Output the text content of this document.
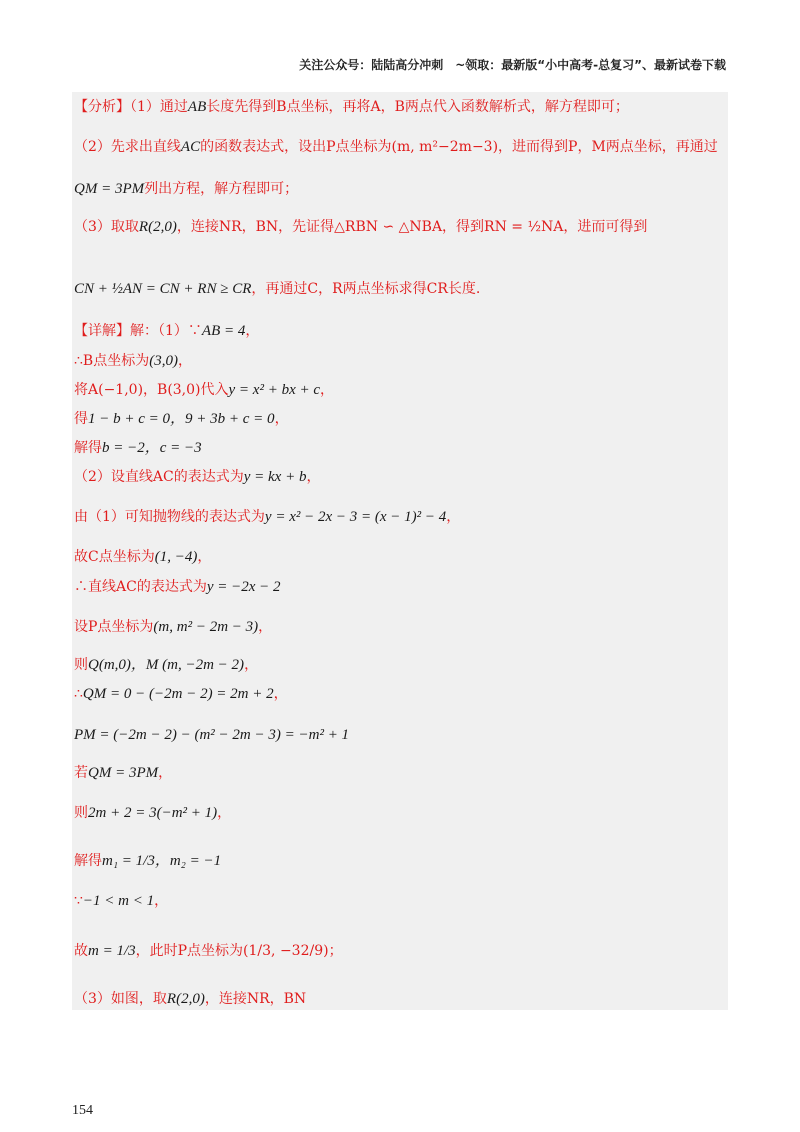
关注公众号：陆陆高分冲刺　~领取：最新版“小中高考-总复习”、最新试卷下载
【分析】（1）通过AB长度先得到B点坐标，再将A，B两点代入函数解析式，解方程即可；
（2）先求出直线AC的函数表达式，设出P点坐标为(m, m²−2m−3)，进而得到P，M两点坐标，再通过
QM = 3PM列出方程，解方程即可；
（3）取取R(2,0)，连接NR，BN，先证得△RBN ∽ △NBA，得到RN = ½NA，进而可得到
CN + ½AN = CN + RN ≥ CR，再通过C，R两点坐标求得CR长度.
【详解】解：（1）∵AB = 4，
∴B点坐标为(3,0)，
将A(−1,0)，B(3,0)代入y = x² + bx + c，
得1 − b + c = 0，9 + 3b + c = 0，
解得b = −2，c = −3
（2）设直线AC的表达式为y = kx + b，
由（1）可知抛物线的表达式为y = x² − 2x − 3 = (x − 1)² − 4，
故C点坐标为(1, −4)，
∴直线AC的表达式为y = −2x − 2
设P点坐标为(m, m² − 2m − 3)，
则Q(m,0)，M (m, −2m − 2)，
∴QM = 0 − (−2m − 2) = 2m + 2，
PM = (−2m − 2) − (m² − 2m − 3) = −m² + 1
若QM = 3PM，
则2m + 2 = 3(−m² + 1)，
解得m₁ = 1/3，m₂ = −1
∵−1 < m < 1，
故m = 1/3，此时P点坐标为(1/3, −32/9)；
（3）如图，取R(2,0)，连接NR，BN
154
